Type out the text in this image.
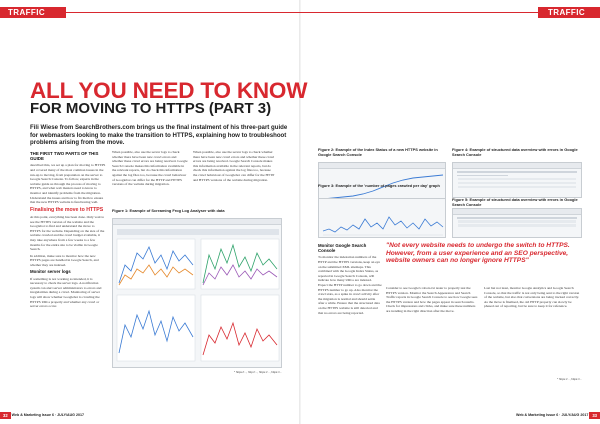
TRAFFIC	TRAFFIC
ALL YOU NEED TO KNOW
FOR MOVING TO HTTPS (PART 3)
Fili Wiese from SearchBrothers.com brings us the final instalment of his three-part guide for webmasters looking to make the transition to HTTPS, explaining how to troubleshoot problems arising from the move.
THE FIRST TWO PARTS OF THIS GUIDE

described this, we set up a plan for moving to HTTPS and covered many of the most common issues in the run-up to moving, from preparation on the server to Google Search Console. To follow, experts in the website guide us through the process of moving to HTTPS, and what web masters need to know to monitor and identify problems from the migration. Understand the issues and how to fix them to ensure that the new HTTPS website is functioning well.

Finalising the move to HTTPS

At this point, everything has been done. Only wait to see the HTTPS version of the website and the Googlebot to find and understand the move to HTTPS for the website. Depending on the size of the website crawled and the crawl budget available, it may take anywhere from a few weeks to a few months for the entire site to be visible in Google Search.

In addition, make sure to monitor how the new HTTPS pages are handled in Google Search, and whether they are indexed.

Monitor server logs

If something is not working as intended, it is necessary to check the server logs. A notification system can alert server administrators to errors and irregularities during a crawl. Monitoring of server logs will show whether Googlebot is crawling the HTTPS URLs properly and whether any crawl or server errors occur.

When possible, also use the server logs to check whether there have been new crawl errors and whether these crawl errors are being resolved. Google Search Console makes this information available in the relevant reports, but do check this information against the log files too, because the crawl behaviour of Googlebot can differ for the HTTP and HTTPS versions of the website during migration.

When possible, also use the server logs to check whether there have been new crawl errors and whether these crawl errors are being resolved. Google Search Console makes this information available in the relevant reports, but do check this information against the log files too, because the crawl behaviour of Googlebot can differ for the HTTP and HTTPS versions of the website during migration.

Figure 1: Example of Screaming Frog Log Analyser with data
* https://..., http://..., https://..., https://...
32 Web & Marketing Issue 6 · JULY/AUG 2017
Figure 2: Example of the Index Status of a new HTTPS website in Google Search Console
Figure 3: Example of the 'number of pages crawled per day' graph
Figure 4: Example of structured data overview with errors in Google Search Console
Figure 5: Example of structured data overview with errors in Google Search Console
Monitor Google Search Console

To monitor the indexation numbers of the HTTP and the HTTPS versions, keep an eye on the submitted XML sitemaps. This combined with the Google Index Status, as reported in Google Search Console, will indicate how many URLs are indexed. Expect the HTTP number to go down and the HTTPS number to go up. Also monitor the crawl stats, as a spike in crawl activity after the migration is normal and should settle after a while. Ensure that the structured data on the HTTPS website is still detected and that no errors are being reported.

"Not every website needs to undergo the switch to HTTPS. However, from a user experience and an SEO perspective, website owners can no longer ignore HTTPS"

Consider to see Google's robots.txt tester to properly test the HTTPS version. Monitor the Search Appearance and Search Traffic reports in Google Search Console to see how Google sees the HTTPS version and how the pages appear in search results. Check for impressions and clicks, and make sure these numbers are trending in the right direction after the move.

Last but not least, monitor Google Analytics and Google Search Console, so that the traffic is not only being sent to the right version of the website, but also that conversions are being tracked correctly. As the move is finalised, the old HTTP property can slowly be phased out of reporting, but be sure to keep it for reference.

* https://..., https://...
Web & Marketing Issue 6 · JULY/AUG 2017 33
